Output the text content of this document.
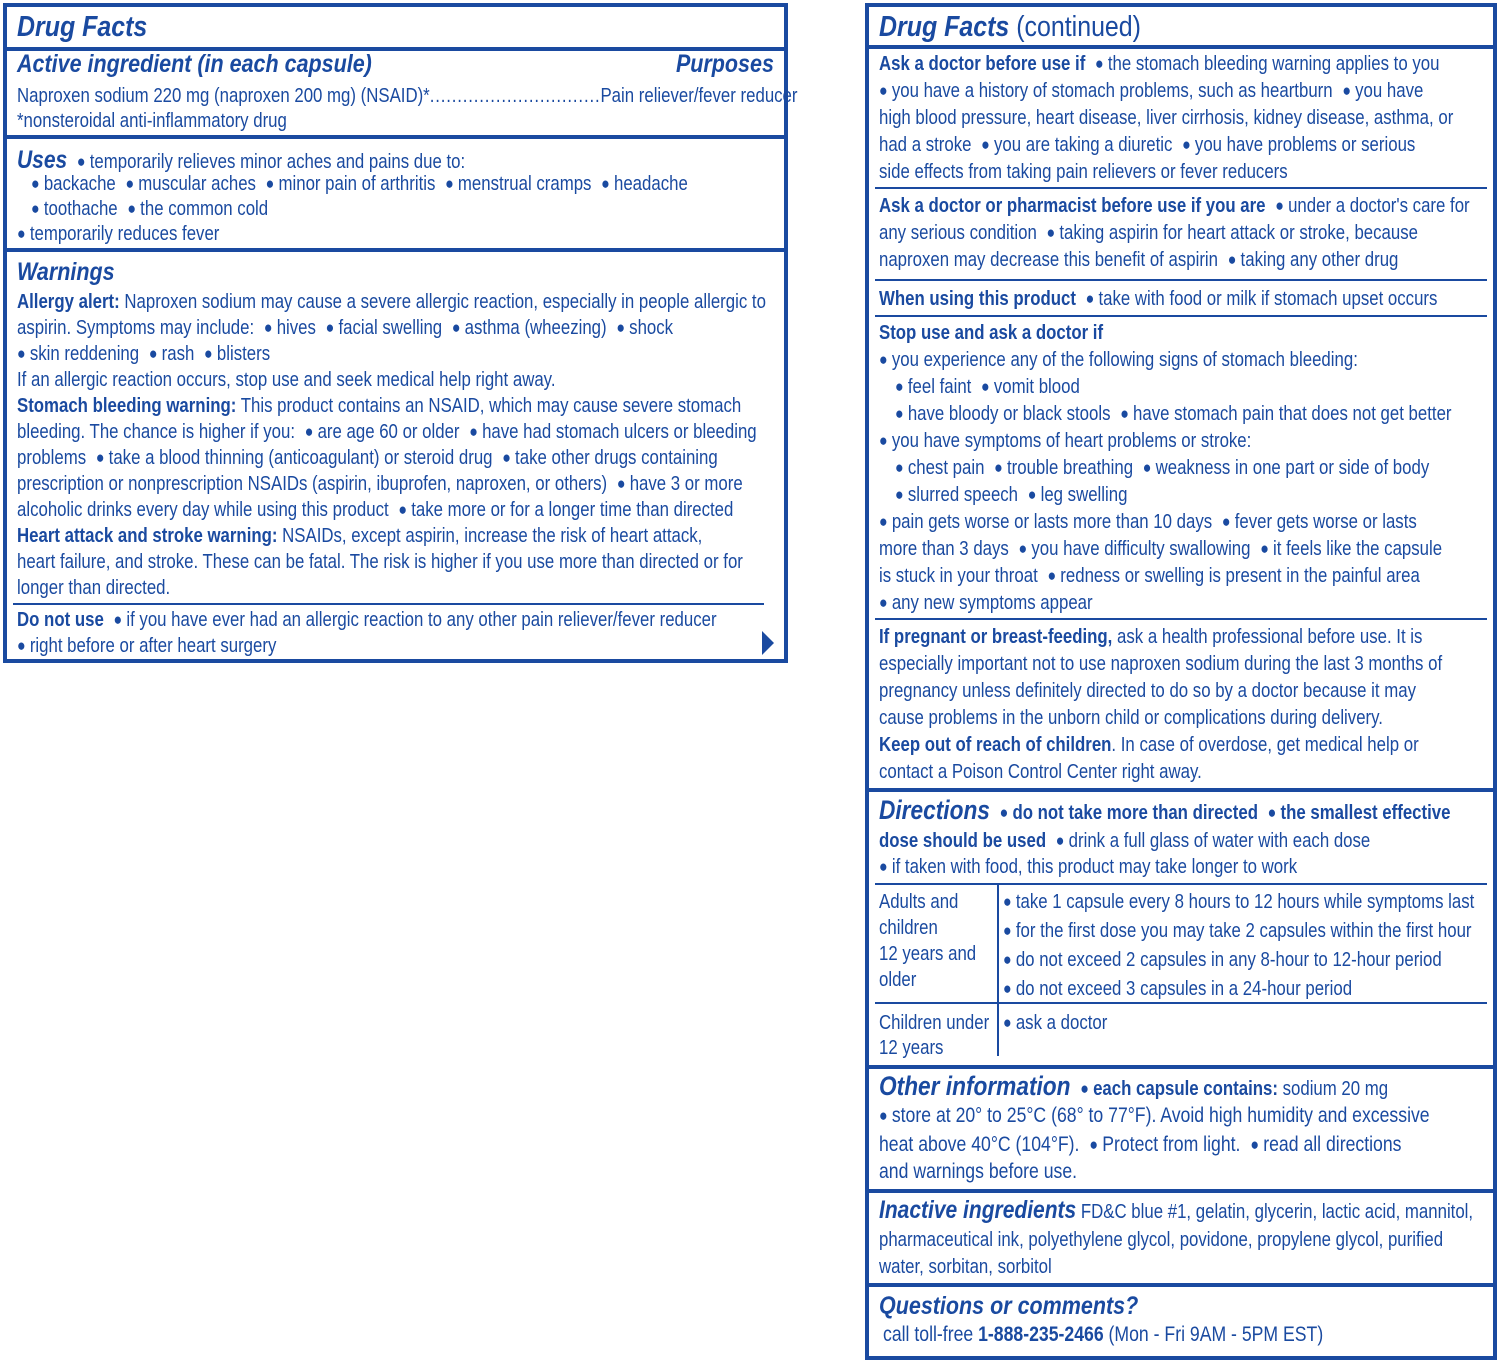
Drug Facts
Active ingredient (in each capsule)	Purposes
Naproxen sodium 220 mg (naproxen 200 mg) (NSAID)*...............................Pain reliever/fever reducer
*nonsteroidal anti-inflammatory drug
Uses ● temporarily relieves minor aches and pains due to:
● backache ● muscular aches ● minor pain of arthritis ● menstrual cramps ● headache
● toothache ● the common cold
● temporarily reduces fever
Warnings
Allergy alert: Naproxen sodium may cause a severe allergic reaction, especially in people allergic to
aspirin. Symptoms may include: ● hives ● facial swelling ● asthma (wheezing) ● shock
● skin reddening ● rash ● blisters
If an allergic reaction occurs, stop use and seek medical help right away.
Stomach bleeding warning: This product contains an NSAID, which may cause severe stomach
bleeding. The chance is higher if you: ● are age 60 or older ● have had stomach ulcers or bleeding
problems ● take a blood thinning (anticoagulant) or steroid drug ● take other drugs containing
prescription or nonprescription NSAIDs (aspirin, ibuprofen, naproxen, or others) ● have 3 or more
alcoholic drinks every day while using this product ● take more or for a longer time than directed
Heart attack and stroke warning: NSAIDs, except aspirin, increase the risk of heart attack,
heart failure, and stroke. These can be fatal. The risk is higher if you use more than directed or for
longer than directed.
Do not use ● if you have ever had an allergic reaction to any other pain reliever/fever reducer
● right before or after heart surgery
Drug Facts (continued)
Ask a doctor before use if ● the stomach bleeding warning applies to you
● you have a history of stomach problems, such as heartburn ● you have
high blood pressure, heart disease, liver cirrhosis, kidney disease, asthma, or
had a stroke ● you are taking a diuretic ● you have problems or serious
side effects from taking pain relievers or fever reducers
Ask a doctor or pharmacist before use if you are ● under a doctor's care for
any serious condition ● taking aspirin for heart attack or stroke, because
naproxen may decrease this benefit of aspirin ● taking any other drug
When using this product ● take with food or milk if stomach upset occurs
Stop use and ask a doctor if
● you experience any of the following signs of stomach bleeding:
● feel faint ● vomit blood
● have bloody or black stools ● have stomach pain that does not get better
● you have symptoms of heart problems or stroke:
● chest pain ● trouble breathing ● weakness in one part or side of body
● slurred speech ● leg swelling
● pain gets worse or lasts more than 10 days ● fever gets worse or lasts
more than 3 days ● you have difficulty swallowing ● it feels like the capsule
is stuck in your throat ● redness or swelling is present in the painful area
● any new symptoms appear
If pregnant or breast-feeding, ask a health professional before use. It is
especially important not to use naproxen sodium during the last 3 months of
pregnancy unless definitely directed to do so by a doctor because it may
cause problems in the unborn child or complications during delivery.
Keep out of reach of children. In case of overdose, get medical help or
contact a Poison Control Center right away.
Directions ● do not take more than directed ● the smallest effective
dose should be used ● drink a full glass of water with each dose
● if taken with food, this product may take longer to work
Adults and
children
12 years and
older
● take 1 capsule every 8 hours to 12 hours while symptoms last
● for the first dose you may take 2 capsules within the first hour
● do not exceed 2 capsules in any 8-hour to 12-hour period
● do not exceed 3 capsules in a 24-hour period
Children under
12 years
● ask a doctor
Other information ● each capsule contains: sodium 20 mg
● store at 20° to 25°C (68° to 77°F). Avoid high humidity and excessive
heat above 40°C (104°F). ● Protect from light. ● read all directions
and warnings before use.
Inactive ingredients FD&C blue #1, gelatin, glycerin, lactic acid, mannitol,
pharmaceutical ink, polyethylene glycol, povidone, propylene glycol, purified
water, sorbitan, sorbitol
Questions or comments?
call toll-free 1-888-235-2466 (Mon - Fri 9AM - 5PM EST)
